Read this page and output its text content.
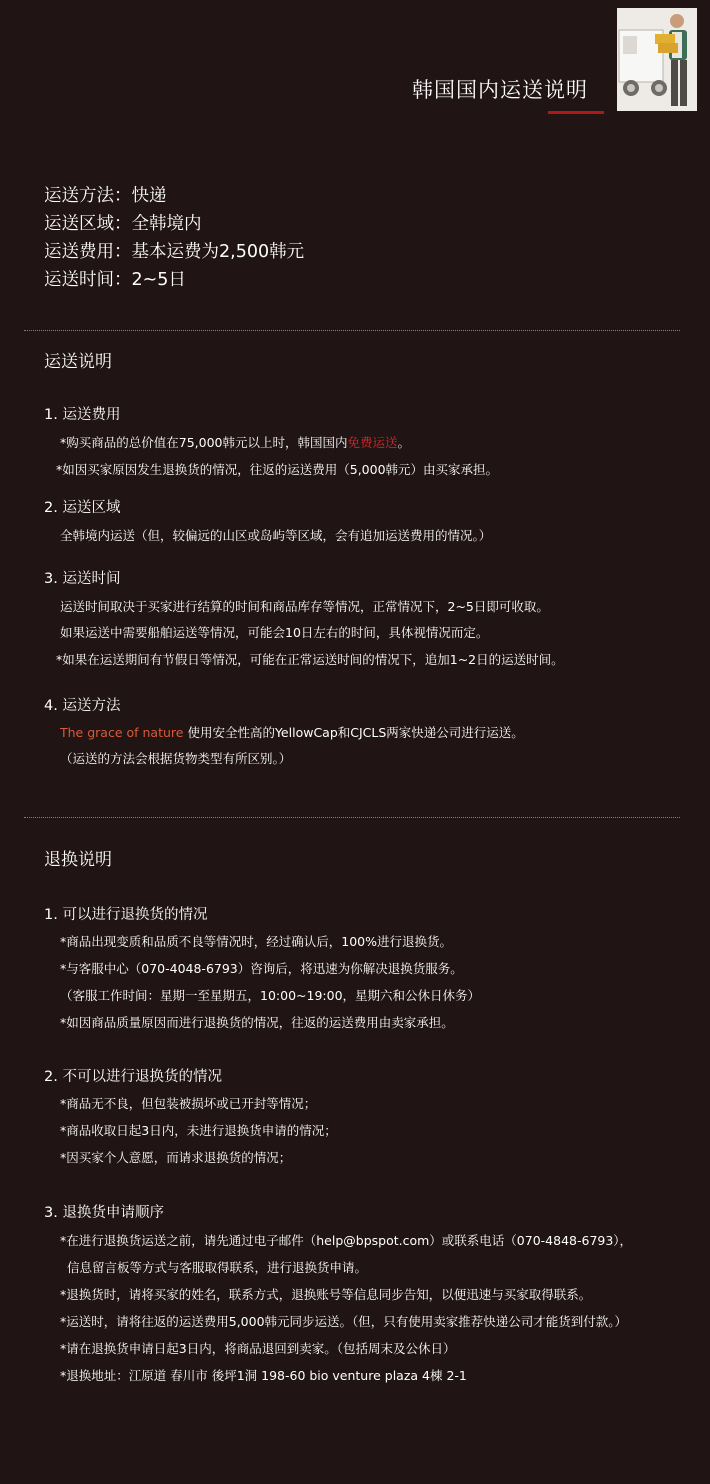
韩国国内运送说明
运送方法：快递
运送区域：全韩境内
运送费用：基本运费为2,500韩元
运送时间：2~5日
运送说明
1. 运送费用
*购买商品的总价值在75,000韩元以上时，韩国国内免费运送。
*如因买家原因发生退换货的情况，往返的运送费用（5,000韩元）由买家承担。
2. 运送区域
全韩境内运送（但，较偏远的山区或岛屿等区域，会有追加运送费用的情况。）
3. 运送时间
运送时间取决于买家进行结算的时间和商品库存等情况，正常情况下，2~5日即可收取。
如果运送中需要船舶运送等情况，可能会10日左右的时间，具体视情况而定。
*如果在运送期间有节假日等情况，可能在正常运送时间的情况下，追加1~2日的运送时间。
4. 运送方法
The grace of nature 使用安全性高的YellowCap和CJCLS两家快递公司进行运送。
（运送的方法会根据货物类型有所区别。）
退换说明
1. 可以进行退换货的情况
*商品出现变质和品质不良等情况时，经过确认后，100%进行退换货。
*与客服中心（070-4048-6793）咨询后，将迅速为你解决退换货服务。
（客服工作时间：星期一至星期五，10:00~19:00，星期六和公休日休务）
*如因商品质量原因而进行退换货的情况，往返的运送费用由卖家承担。
2. 不可以进行退换货的情况
*商品无不良，但包装被损坏或已开封等情况；
*商品收取日起3日内，未进行退换货申请的情况；
*因买家个人意愿，而请求退换货的情况；
3. 退换货申请顺序
*在进行退换货运送之前，请先通过电子邮件（help@bpspot.com）或联系电话（070-4848-6793），
信息留言板等方式与客服取得联系，进行退换货申请。
*退换货时，请将买家的姓名，联系方式，退换账号等信息同步告知，以便迅速与买家取得联系。
*运送时，请将往返的运送费用5,000韩元同步运送。（但，只有使用卖家推荐快递公司才能货到付款。）
*请在退换货申请日起3日内，将商品退回到卖家。（包括周末及公休日）
*退换地址：江原道 春川市 後坪1洞 198-60 bio venture plaza 4棟 2-1
